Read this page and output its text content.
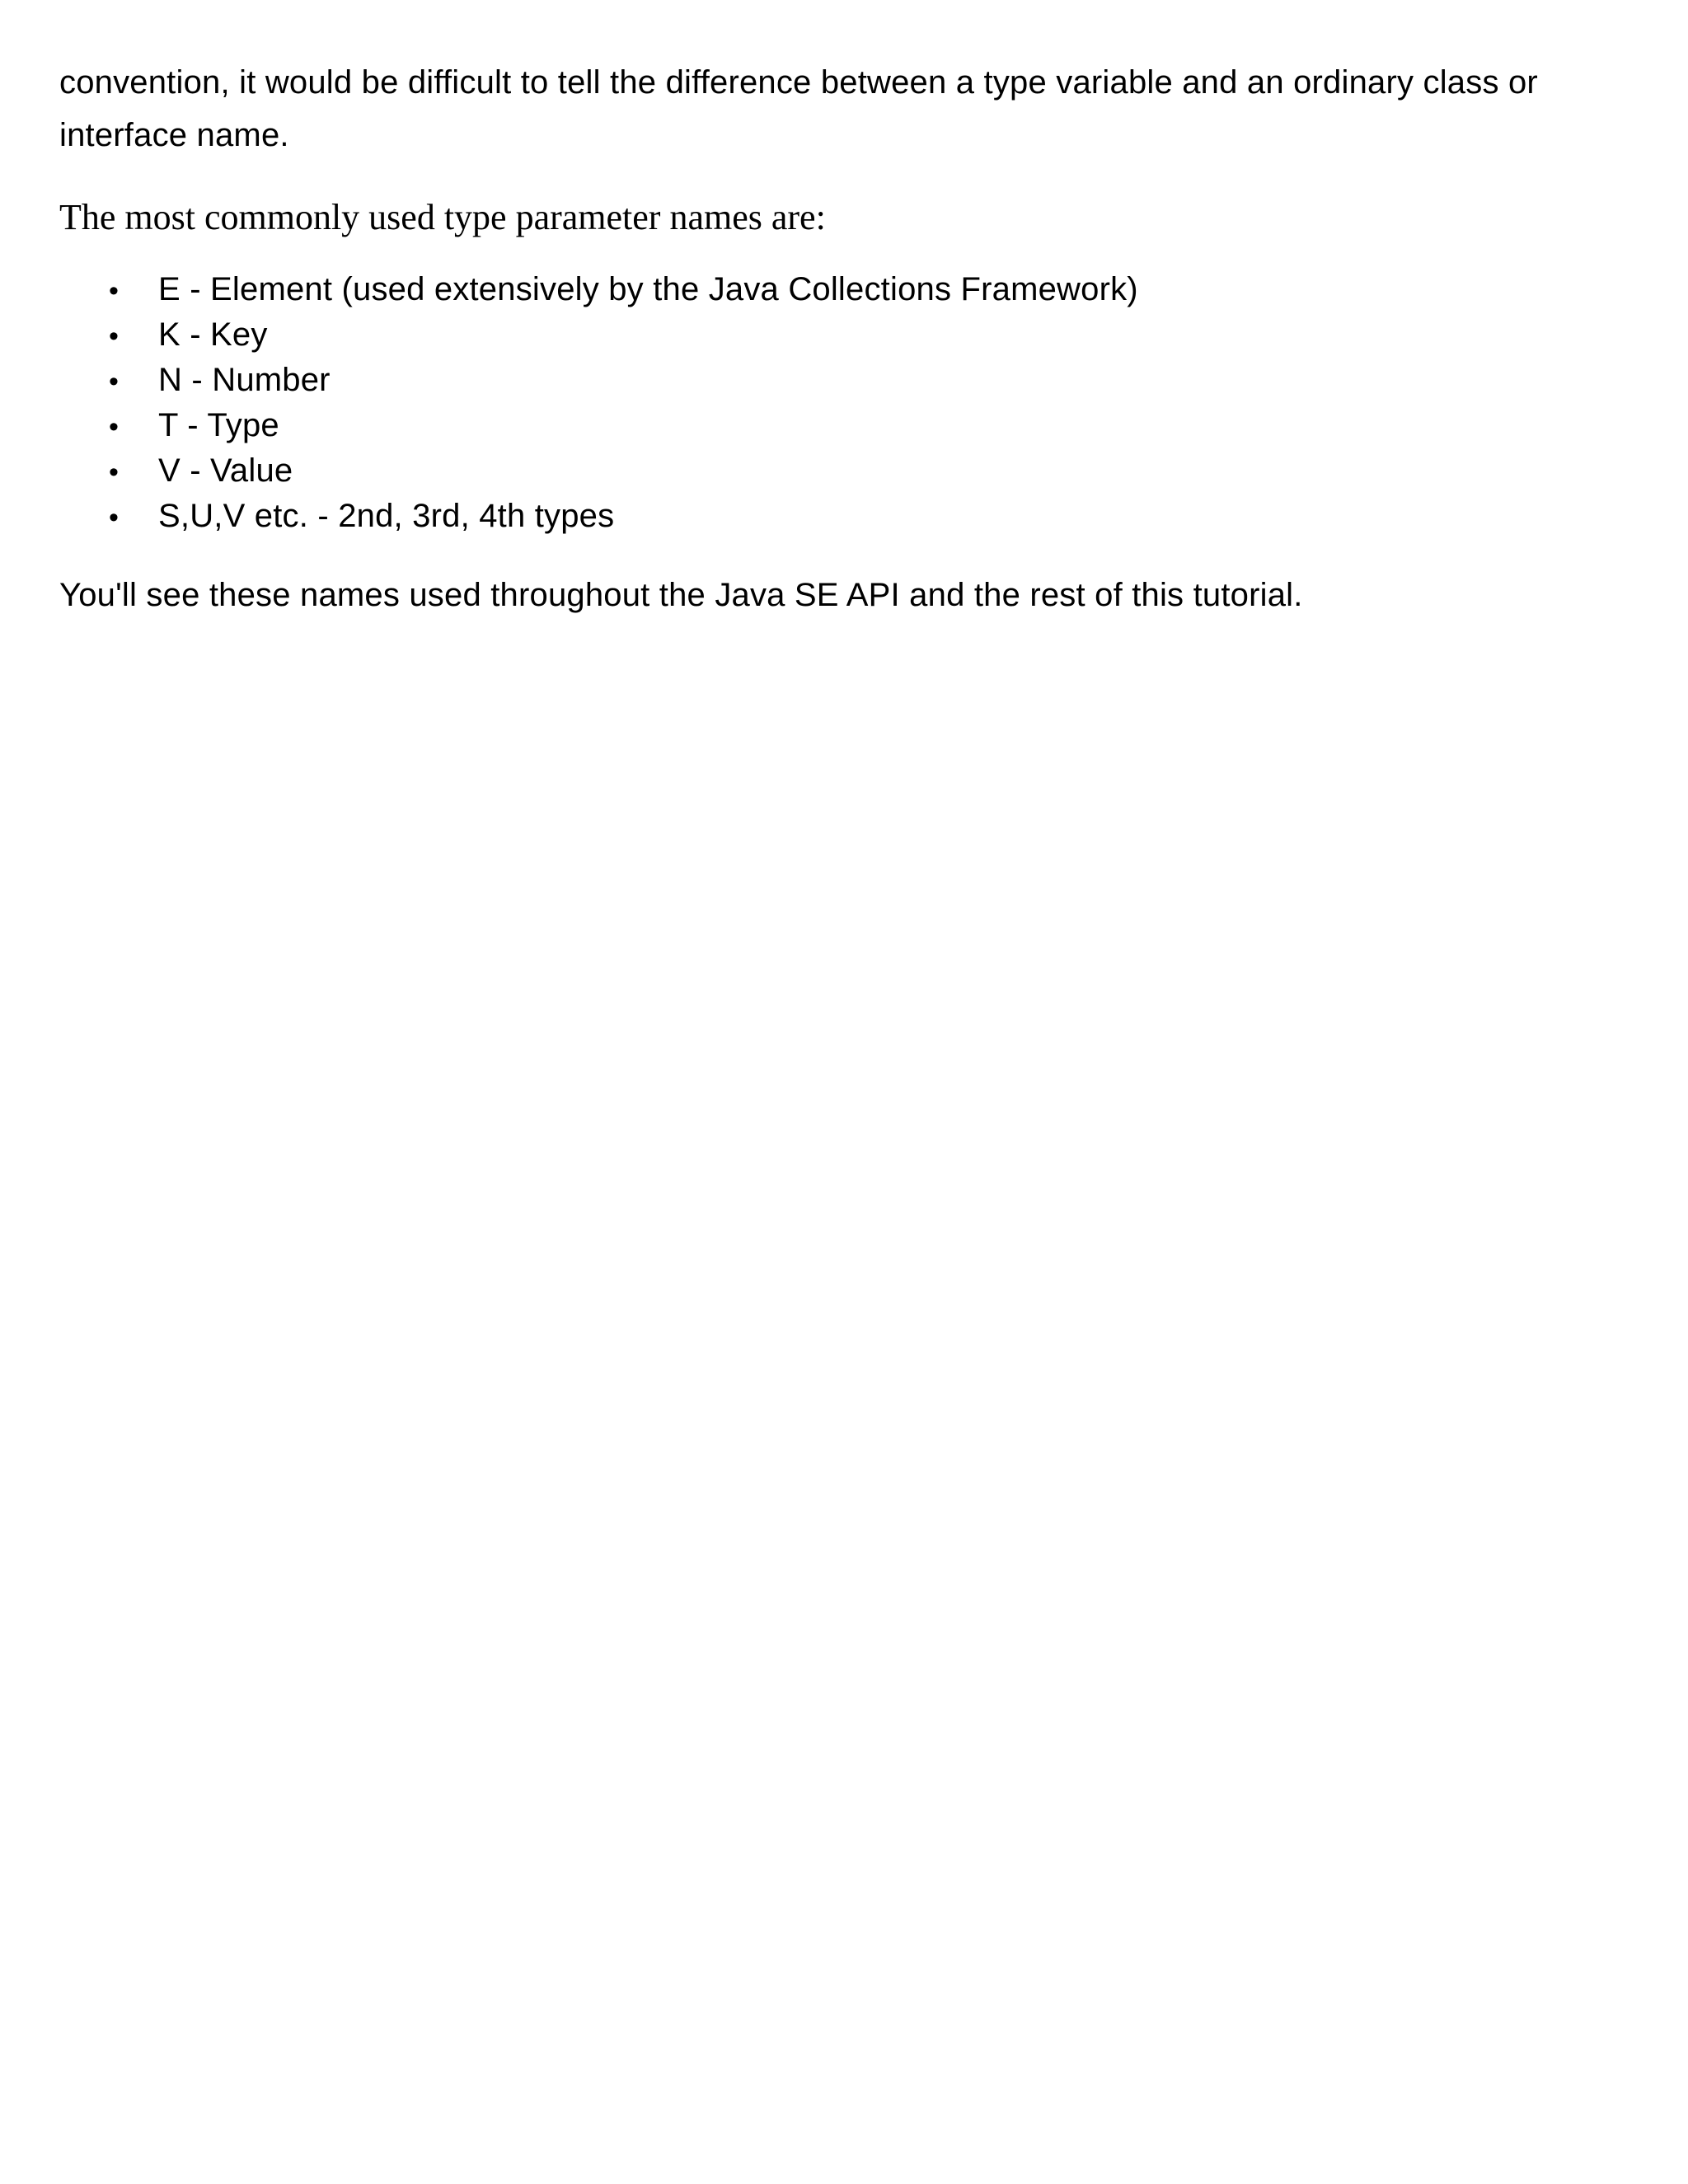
convention, it would be difficult to tell the difference between a type variable and an ordinary class or interface name.

The most commonly used type parameter names are:

•	E - Element (used extensively by the Java Collections Framework)
•	K - Key
•	N - Number
•	T - Type
•	V - Value
•	S,U,V etc. - 2nd, 3rd, 4th types

You'll see these names used throughout the Java SE API and the rest of this tutorial.
